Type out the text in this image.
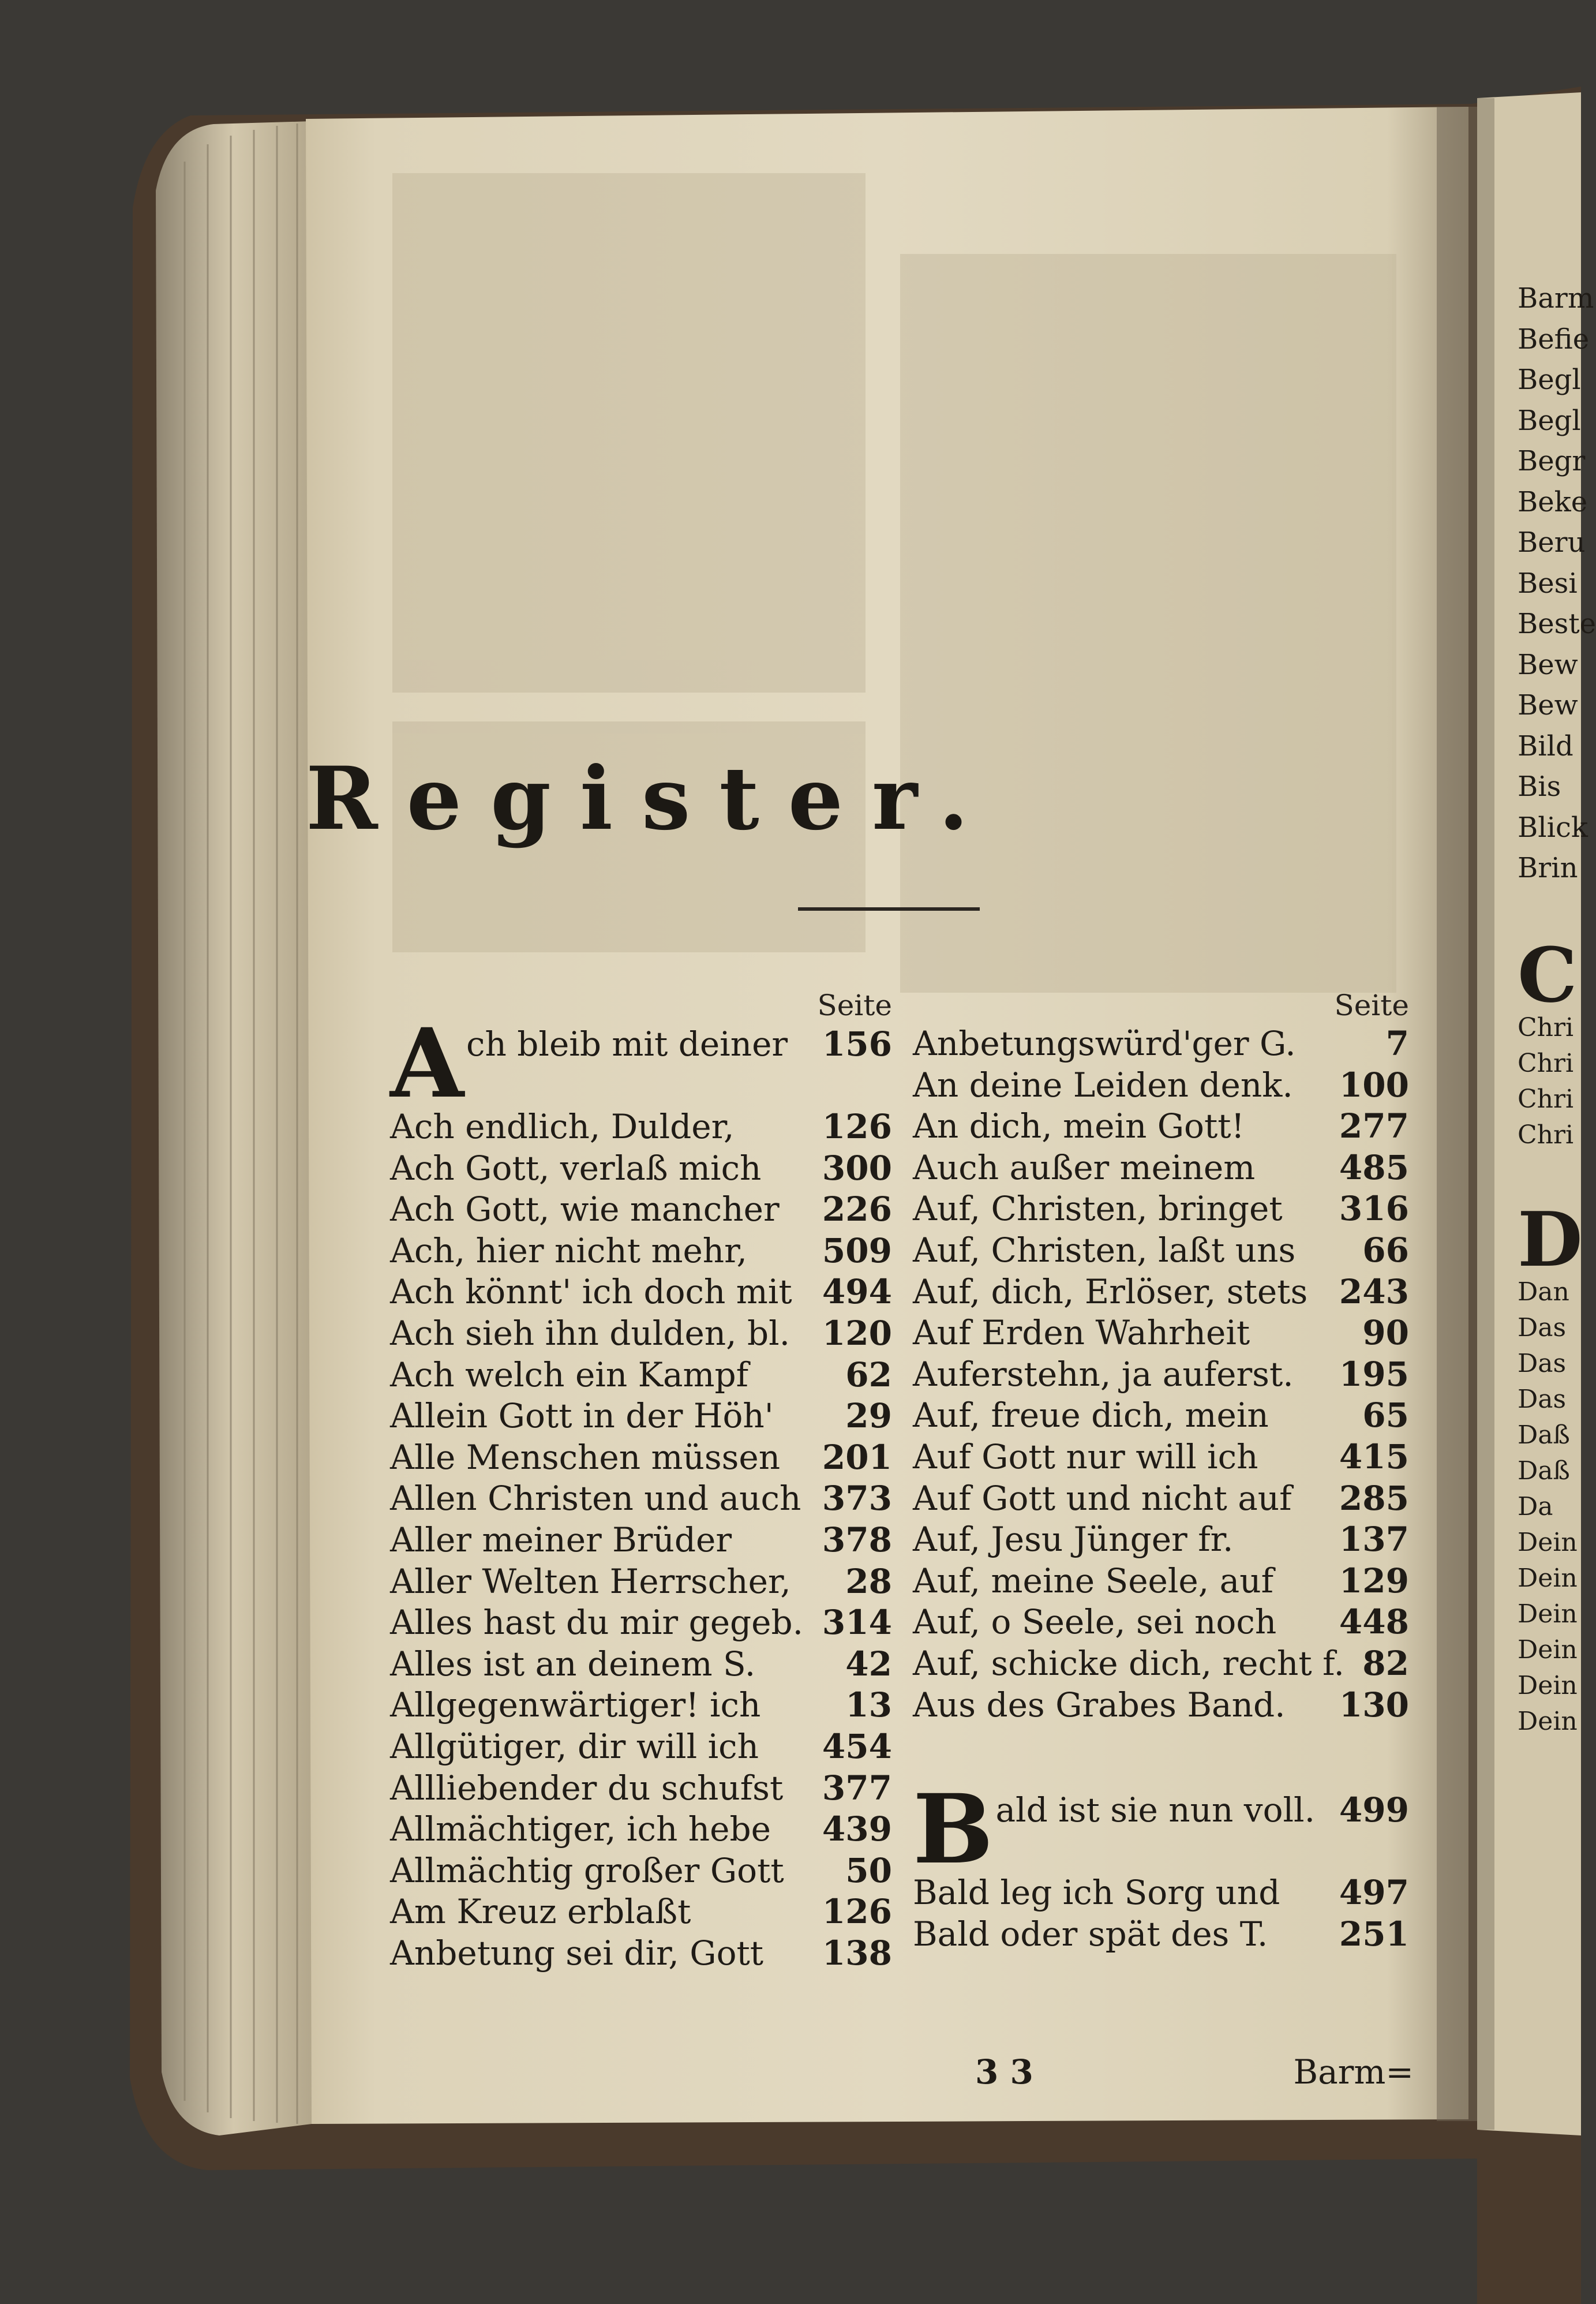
Register.
Seite
A ch bleib mit deiner 156
Ach endlich, Dulder,	126
Ach Gott, verlaß mich 300
Ach Gott, wie mancher 226
Ach, hier nicht mehr, 509
Ach könnt' ich doch mit 494
Ach sieh ihn dulden, bl. 120
Ach welch ein Kampf	62
Allein Gott in der Höh' 29
Alle Menschen müssen 201
Allen Christen und auch 373
Aller meiner Brüder	378
Aller Welten Herrscher, 28
Alles hast du mir gegeb. 314
Alles ist an deinem S.	42
Allgegenwärtiger! ich	13
Allgütiger, dir will ich 454
Allliebender du schufst 377
Allmächtiger, ich hebe 439
Allmächtig großer Gott 50
Am Kreuz erblaßt	126
Anbetung sei dir, Gott 138
Seite
Anbetungswürd'ger G.	7
An deine Leiden denk. 100
An dich, mein Gott!	277
Auch außer meinem	485
Auf, Christen, bringet 316
Auf, Christen, laßt uns 66
Auf, dich, Erlöser, stets 243
Auf Erden Wahrheit	90
Auferstehn, ja auferst. 195
Auf, freue dich, mein	65
Auf Gott nur will ich 415
Auf Gott und nicht auf 285
Auf, Jesu Jünger fr.	137
Auf, meine Seele, auf 129
Auf, o Seele, sei noch 448
Auf, schicke dich, recht f. 82
Aus des Grabes Band. 130
B ald ist sie nun voll. 499
Bald leg ich Sorg und 497
Bald oder spät des T. 251
3 3	Barm=
Barm
Befie
Begl
Begl
Begr
Beke
Beru
Besi
Beste
Bew
Bew
Bild
Bis
Blick
Brin
C
Chri
Chri
Chri
Chri
D
Dan
Das
Das
Das
Daß
Daß
Da
Dein
Dein
Dein
Dein
Dein
Dein
